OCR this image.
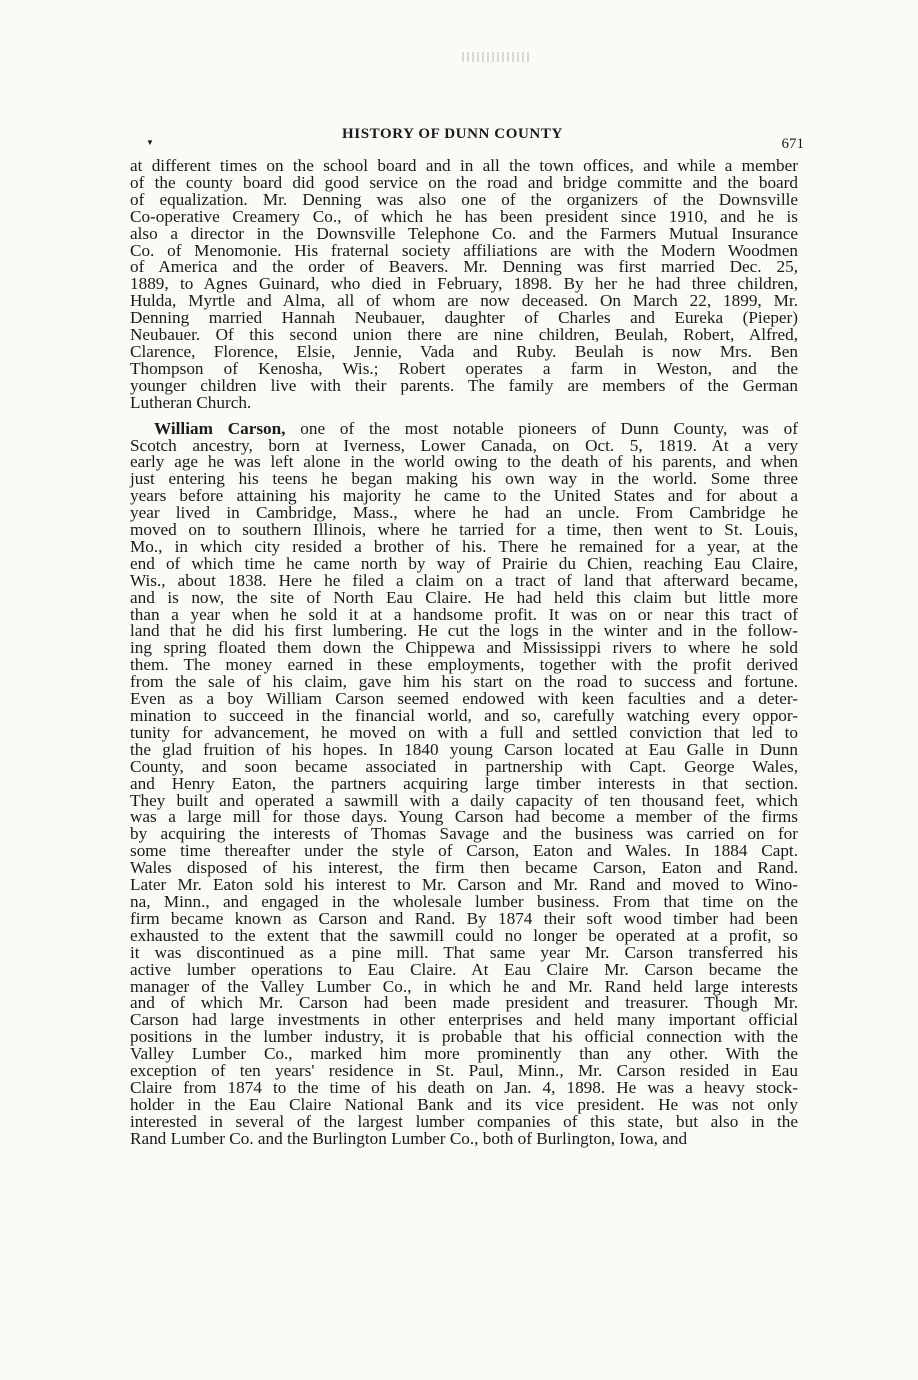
▼
HISTORY OF DUNN COUNTY
671
at different times on the school board and in all the town offices, and while a member
of the county board did good service on the road and bridge committe and the board
of equalization. Mr. Denning was also one of the organizers of the Downsville
Co-operative Creamery Co., of which he has been president since 1910, and he is
also a director in the Downsville Telephone Co. and the Farmers Mutual Insurance
Co. of Menomonie. His fraternal society affiliations are with the Modern Woodmen
of America and the order of Beavers. Mr. Denning was first married Dec. 25,
1889, to Agnes Guinard, who died in February, 1898. By her he had three children,
Hulda, Myrtle and Alma, all of whom are now deceased. On March 22, 1899, Mr.
Denning married Hannah Neubauer, daughter of Charles and Eureka (Pieper)
Neubauer. Of this second union there are nine children, Beulah, Robert, Alfred,
Clarence, Florence, Elsie, Jennie, Vada and Ruby. Beulah is now Mrs. Ben
Thompson of Kenosha, Wis.; Robert operates a farm in Weston, and the
younger children live with their parents. The family are members of the German
Lutheran Church.
William Carson, one of the most notable pioneers of Dunn County, was of
Scotch ancestry, born at Iverness, Lower Canada, on Oct. 5, 1819. At a very
early age he was left alone in the world owing to the death of his parents, and when
just entering his teens he began making his own way in the world. Some three
years before attaining his majority he came to the United States and for about a
year lived in Cambridge, Mass., where he had an uncle. From Cambridge he
moved on to southern Illinois, where he tarried for a time, then went to St. Louis,
Mo., in which city resided a brother of his. There he remained for a year, at the
end of which time he came north by way of Prairie du Chien, reaching Eau Claire,
Wis., about 1838. Here he filed a claim on a tract of land that afterward became,
and is now, the site of North Eau Claire. He had held this claim but little more
than a year when he sold it at a handsome profit. It was on or near this tract of
land that he did his first lumbering. He cut the logs in the winter and in the follow-
ing spring floated them down the Chippewa and Mississippi rivers to where he sold
them. The money earned in these employments, together with the profit derived
from the sale of his claim, gave him his start on the road to success and fortune.
Even as a boy William Carson seemed endowed with keen faculties and a deter-
mination to succeed in the financial world, and so, carefully watching every oppor-
tunity for advancement, he moved on with a full and settled conviction that led to
the glad fruition of his hopes. In 1840 young Carson located at Eau Galle in Dunn
County, and soon became associated in partnership with Capt. George Wales,
and Henry Eaton, the partners acquiring large timber interests in that section.
They built and operated a sawmill with a daily capacity of ten thousand feet, which
was a large mill for those days. Young Carson had become a member of the firms
by acquiring the interests of Thomas Savage and the business was carried on for
some time thereafter under the style of Carson, Eaton and Wales. In 1884 Capt.
Wales disposed of his interest, the firm then became Carson, Eaton and Rand.
Later Mr. Eaton sold his interest to Mr. Carson and Mr. Rand and moved to Wino-
na, Minn., and engaged in the wholesale lumber business. From that time on the
firm became known as Carson and Rand. By 1874 their soft wood timber had been
exhausted to the extent that the sawmill could no longer be operated at a profit, so
it was discontinued as a pine mill. That same year Mr. Carson transferred his
active lumber operations to Eau Claire. At Eau Claire Mr. Carson became the
manager of the Valley Lumber Co., in which he and Mr. Rand held large interests
and of which Mr. Carson had been made president and treasurer. Though Mr.
Carson had large investments in other enterprises and held many important official
positions in the lumber industry, it is probable that his official connection with the
Valley Lumber Co., marked him more prominently than any other. With the
exception of ten years' residence in St. Paul, Minn., Mr. Carson resided in Eau
Claire from 1874 to the time of his death on Jan. 4, 1898. He was a heavy stock-
holder in the Eau Claire National Bank and its vice president. He was not only
interested in several of the largest lumber companies of this state, but also in the
Rand Lumber Co. and the Burlington Lumber Co., both of Burlington, Iowa, and
